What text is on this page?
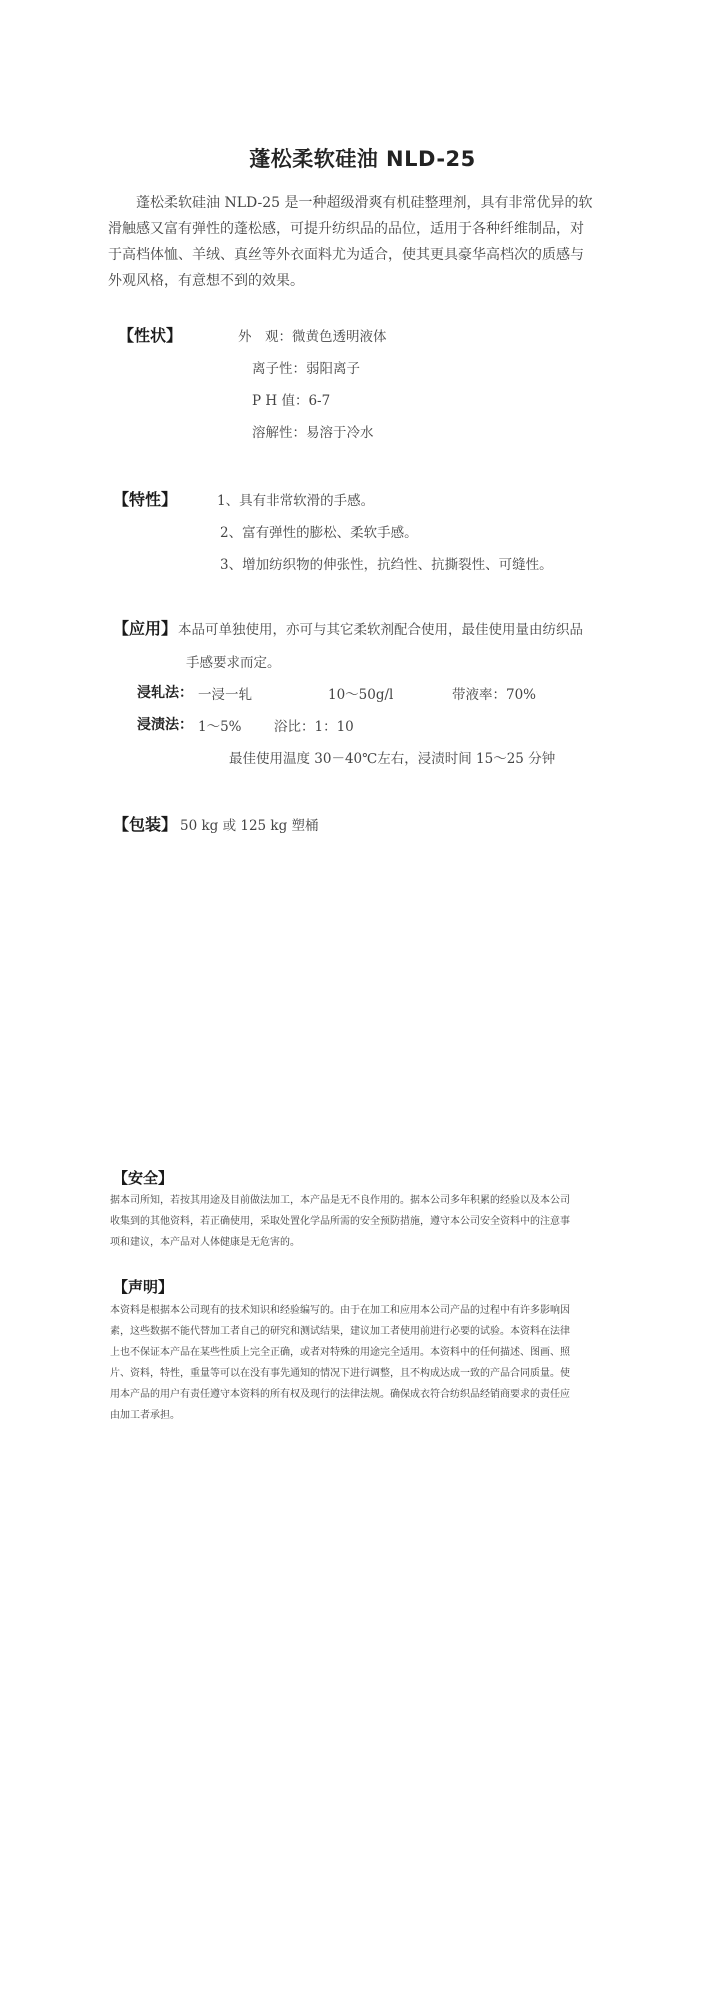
蓬松柔软硅油 NLD-25
　　蓬松柔软硅油 NLD-25 是一种超级滑爽有机硅整理剂，具有非常优异的软
滑触感又富有弹性的蓬松感，可提升纺织品的品位，适用于各种纤维制品，对
于高档体恤、羊绒、真丝等外衣面料尤为适合，使其更具豪华高档次的质感与
外观风格，有意想不到的效果。
【性状】	外　观：微黄色透明液体
离子性：弱阳离子
P H 值：6-7
溶解性：易溶于冷水
【特性】	1、具有非常软滑的手感。
2、富有弹性的膨松、柔软手感。
3、增加纺织物的伸张性，抗绉性、抗撕裂性、可缝性。
【应用】 本品可单独使用，亦可与其它柔软剂配合使用，最佳使用量由纺织品
手感要求而定。
浸轧法： 一浸一轧	10～50g/l	带液率：70%
浸渍法： 1～5% 浴比：1：10
最佳使用温度 30－40℃左右，浸渍时间 15～25 分钟
【包装】 50 kg 或 125 kg 塑桶
【安全】
据本司所知，若按其用途及目前做法加工，本产品是无不良作用的。据本公司多年积累的经验以及本公司
收集到的其他资料，若正确使用，采取处置化学品所需的安全预防措施，遵守本公司安全资料中的注意事
项和建议，本产品对人体健康是无危害的。
【声明】
本资料是根据本公司现有的技术知识和经验编写的。由于在加工和应用本公司产品的过程中有许多影响因
素，这些数据不能代替加工者自己的研究和测试结果，建议加工者使用前进行必要的试验。本资料在法律
上也不保证本产品在某些性质上完全正确，或者对特殊的用途完全适用。本资料中的任何描述、图画、照
片、资料，特性，重量等可以在没有事先通知的情况下进行调整，且不构成达成一致的产品合同质量。使
用本产品的用户有责任遵守本资料的所有权及现行的法律法规。确保成衣符合纺织品经销商要求的责任应
由加工者承担。
